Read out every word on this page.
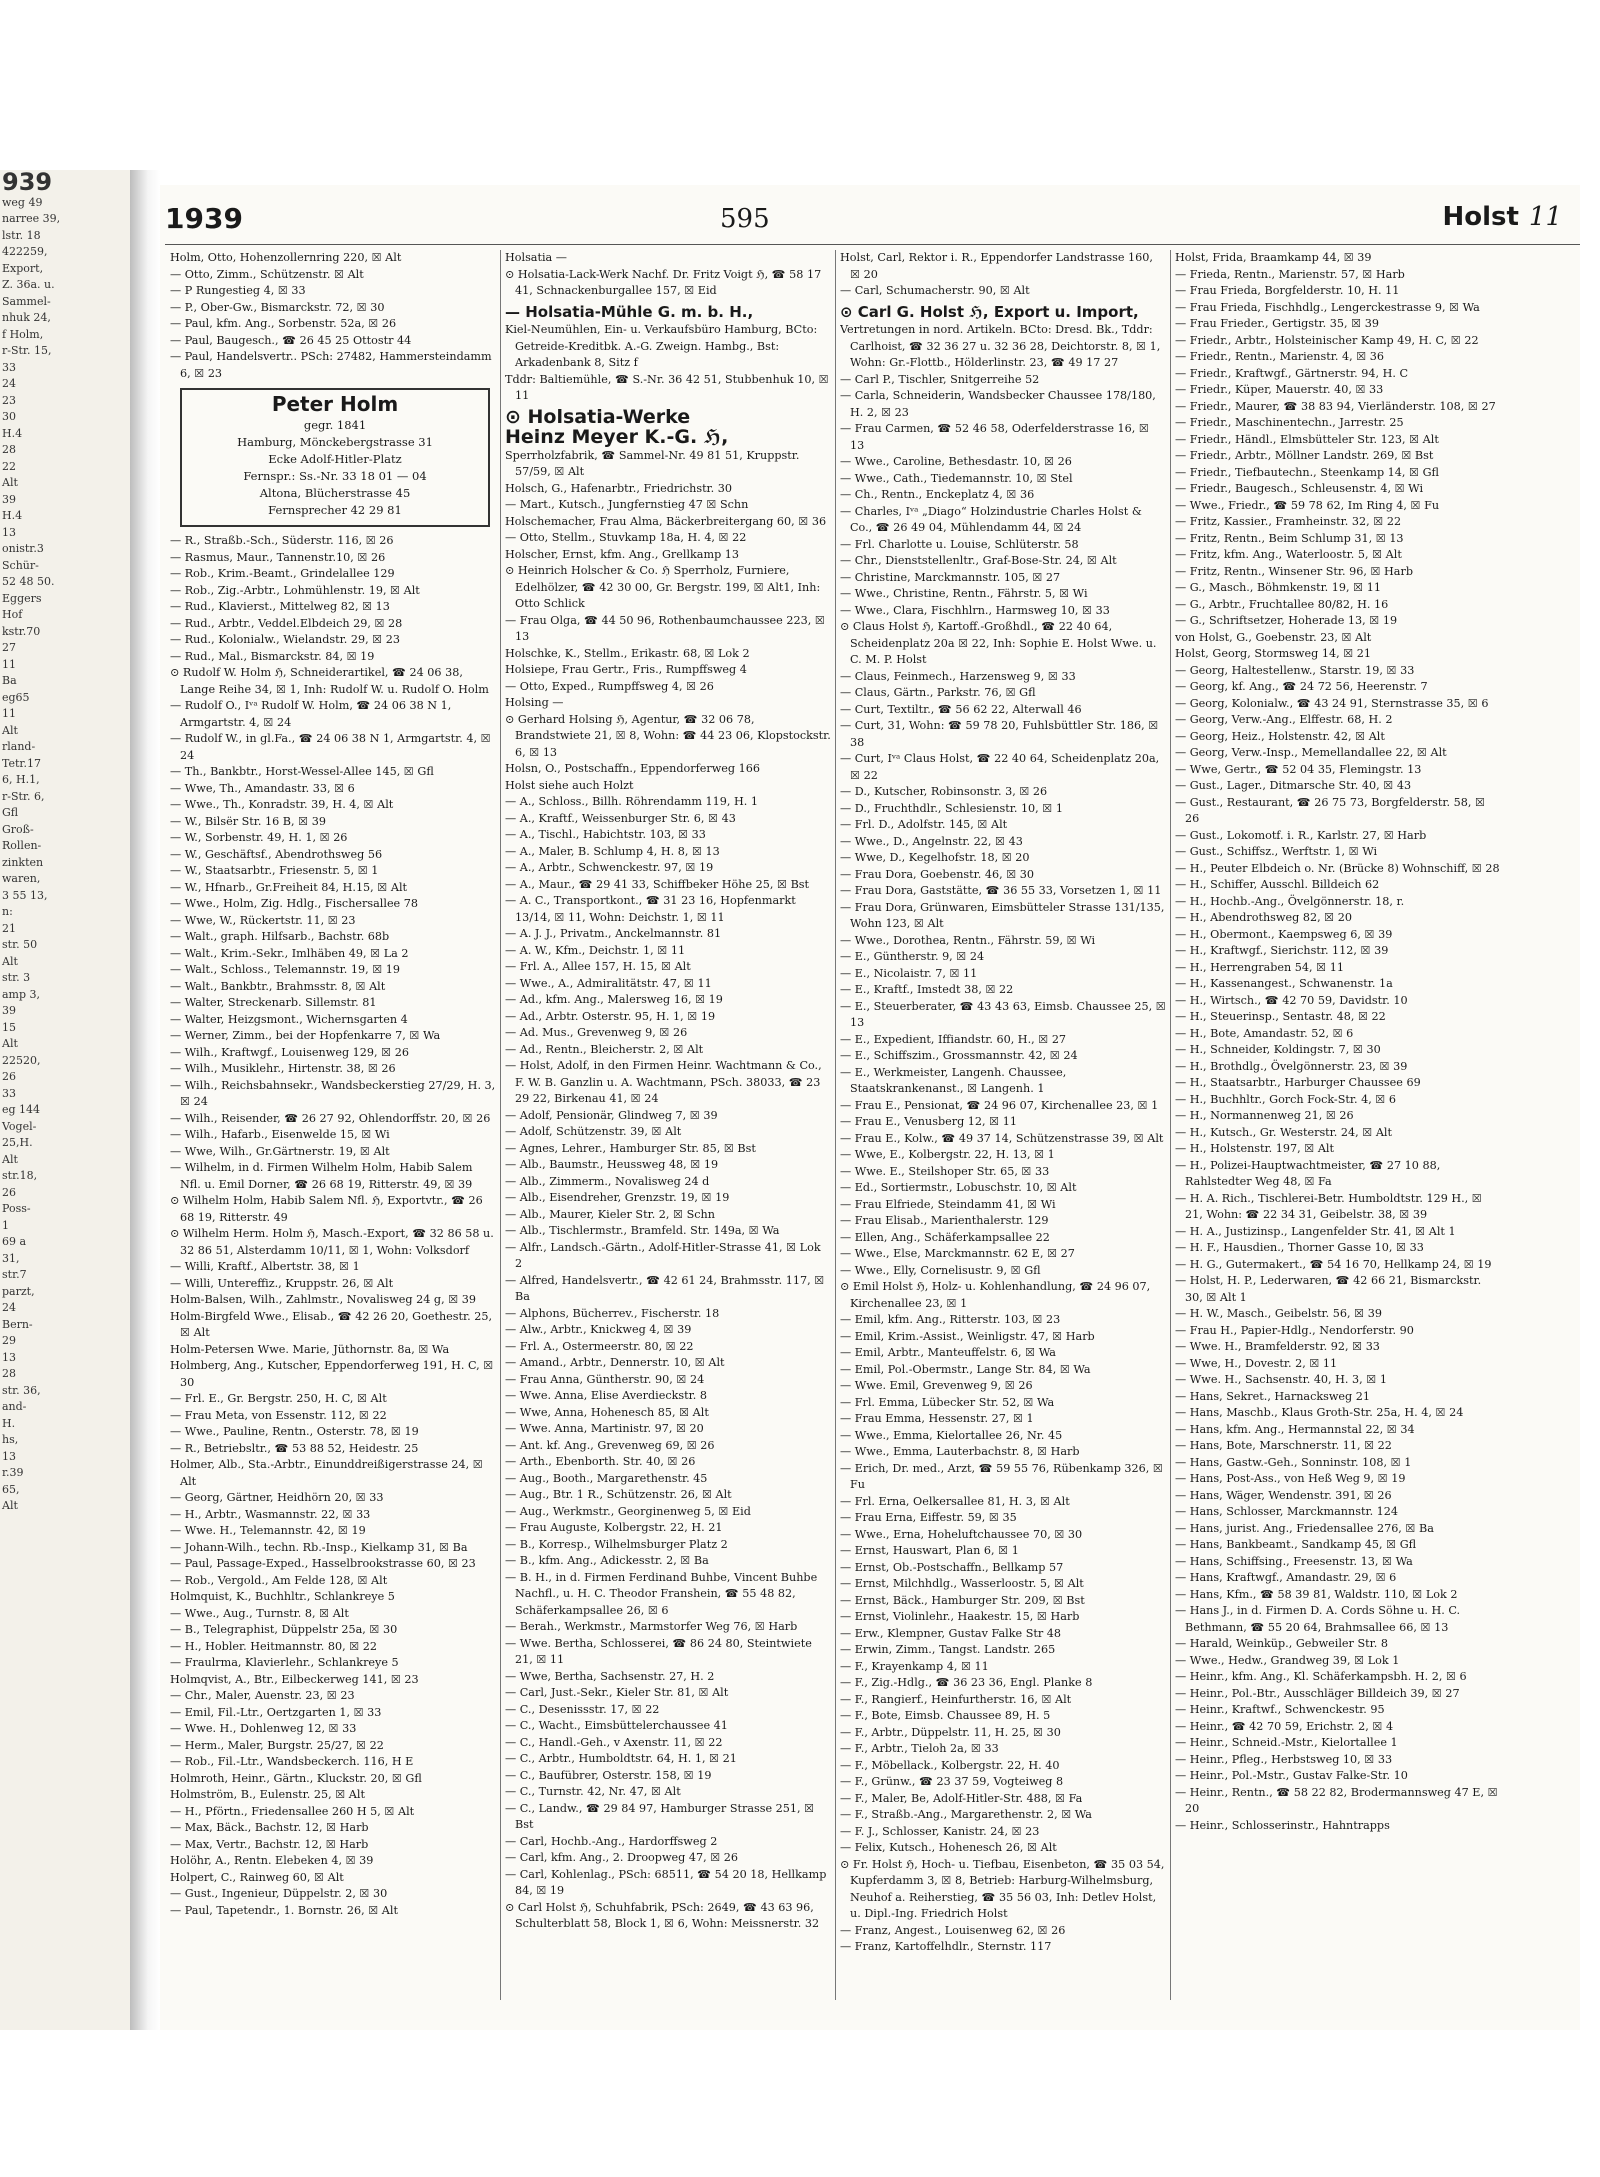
939
weg 49
narree 39,
lstr. 18
422259,
Export,
Z. 36a. u.
Sammel-
nhuk 24,
f Holm,
r-Str. 15,
33
24
23
30
H.4
28
22
Alt
39
H.4
13
onistr.3
Schür-
52 48 50.
Eggers
Hof
kstr.70
27
11
Ba
eg65
11
Alt
rland-
Tetr.17
6, H.1,
r-Str. 6,
Gfl
Groß-
Rollen-
zinkten
waren,
3 55 13,
n:
21
str. 50
Alt
str. 3
amp 3,
39
15
Alt
22520,
26
33
eg 144
Vogel-
25,H.
Alt
str.18,
26
Poss-
1
69 a
31,
str.7
parzt,
24
Bern-
29
13
28
str. 36,
and-
H.
hs,
13
r.39
65,
Alt
1939	595	Holst 11
Holm, Otto, Hohenzollernring 220, ☒ Alt
— Otto, Zimm., Schützenstr. ☒ Alt
— P Rungestieg 4, ☒ 33
— P., Ober-Gw., Bismarckstr. 72, ☒ 30
— Paul, kfm. Ang., Sorbenstr. 52a, ☒ 26
— Paul, Baugesch., ☎ 26 45 25 Ottostr 44
— Paul, Handelsvertr.. PSch: 27482, Hammersteindamm 6, ☒ 23
Peter Holm
gegr. 1841
Hamburg, Mönckebergstrasse 31
Ecke Adolf-Hitler-Platz
Fernspr.: Ss.-Nr. 33 18 01 — 04
Altona, Blücherstrasse 45
Fernsprecher 42 29 81
— R., Straßb.-Sch., Süderstr. 116, ☒ 26
— Rasmus, Maur., Tannenstr.10, ☒ 26
— Rob., Krim.-Beamt., Grindelallee 129
— Rob., Zig.-Arbtr., Lohmühlenstr. 19, ☒ Alt
— Rud., Klavierst., Mittelweg 82, ☒ 13
— Rud., Arbtr., Veddel.Elbdeich 29, ☒ 28
— Rud., Kolonialw., Wielandstr. 29, ☒ 23
— Rud., Mal., Bismarckstr. 84, ☒ 19
⊙ Rudolf W. Holm ℌ, Schneiderartikel, ☎ 24 06 38, Lange Reihe 34, ☒ 1, Inh: Rudolf W. u. Rudolf O. Holm
— Rudolf O., Iᵛᵃ Rudolf W. Holm, ☎ 24 06 38 N 1, Armgartstr. 4, ☒ 24
— Rudolf W., in gl.Fa., ☎ 24 06 38 N 1, Armgartstr. 4, ☒ 24
— Th., Bankbtr., Horst-Wessel-Allee 145, ☒ Gfl
— Wwe, Th., Amandastr. 33, ☒ 6
— Wwe., Th., Konradstr. 39, H. 4, ☒ Alt
— W., Bilsër Str. 16 B, ☒ 39
— W., Sorbenstr. 49, H. 1, ☒ 26
— W., Geschäftsf., Abendrothsweg 56
— W., Staatsarbtr., Friesenstr. 5, ☒ 1
— W., Hfnarb., Gr.Freiheit 84, H.15, ☒ Alt
— Wwe., Holm, Zig. Hdlg., Fischersallee 78
— Wwe, W., Rückertstr. 11, ☒ 23
— Walt., graph. Hilfsarb., Bachstr. 68b
— Walt., Krim.-Sekr., Imlhäben 49, ☒ La 2
— Walt., Schloss., Telemannstr. 19, ☒ 19
— Walt., Bankbtr., Brahmsstr. 8, ☒ Alt
— Walter, Streckenarb. Sillemstr. 81
— Walter, Heizgsmont., Wichernsgarten 4
— Werner, Zimm., bei der Hopfenkarre 7, ☒ Wa
— Wilh., Kraftwgf., Louisenweg 129, ☒ 26
— Wilh., Musiklehr., Hirtenstr. 38, ☒ 26
— Wilh., Reichsbahnsekr., Wandsbeckerstieg 27/29, H. 3, ☒ 24
— Wilh., Reisender, ☎ 26 27 92, Ohlendorffstr. 20, ☒ 26
— Wilh., Hafarb., Eisenwelde 15, ☒ Wi
— Wwe, Wilh., Gr.Gärtnerstr. 19, ☒ Alt
— Wilhelm, in d. Firmen Wilhelm Holm, Habib Salem Nfl. u. Emil Dorner, ☎ 26 68 19, Ritterstr. 49, ☒ 39
⊙ Wilhelm Holm, Habib Salem Nfl. ℌ, Exportvtr., ☎ 26 68 19, Ritterstr. 49
⊙ Wilhelm Herm. Holm ℌ, Masch.-Export, ☎ 32 86 58 u. 32 86 51, Alsterdamm 10/11, ☒ 1, Wohn: Volksdorf
— Willi, Kraftf., Albertstr. 38, ☒ 1
— Willi, Untereffiz., Kruppstr. 26, ☒ Alt
Holm-Balsen, Wilh., Zahlmstr., Novalisweg 24 g, ☒ 39
Holm-Birgfeld Wwe., Elisab., ☎ 42 26 20, Goethestr. 25, ☒ Alt
Holm-Petersen Wwe. Marie, Jüthornstr. 8a, ☒ Wa
Holmberg, Ang., Kutscher, Eppendorferweg 191, H. C, ☒ 30
— Frl. E., Gr. Bergstr. 250, H. C, ☒ Alt
— Frau Meta, von Essenstr. 112, ☒ 22
— Wwe., Pauline, Rentn., Osterstr. 78, ☒ 19
— R., Betriebsltr., ☎ 53 88 52, Heidestr. 25
Holmer, Alb., Sta.-Arbtr., Einunddreißigerstrasse 24, ☒ Alt
— Georg, Gärtner, Heidhörn 20, ☒ 33
— H., Arbtr., Wasmannstr. 22, ☒ 33
— Wwe. H., Telemannstr. 42, ☒ 19
— Johann-Wilh., techn. Rb.-Insp., Kielkamp 31, ☒ Ba
— Paul, Passage-Exped., Hasselbrookstrasse 60, ☒ 23
— Rob., Vergold., Am Felde 128, ☒ Alt
Holmquist, K., Buchhltr., Schlankreye 5
— Wwe., Aug., Turnstr. 8, ☒ Alt
— B., Telegraphist, Düppelstr 25a, ☒ 30
— H., Hobler. Heitmannstr. 80, ☒ 22
— Fraulrma, Klavierlehr., Schlankreye 5
Holmqvist, A., Btr., Eilbeckerweg 141, ☒ 23
— Chr., Maler, Auenstr. 23, ☒ 23
— Emil, Fil.-Ltr., Oertzgarten 1, ☒ 33
— Wwe. H., Dohlenweg 12, ☒ 33
— Herm., Maler, Burgstr. 25/27, ☒ 22
— Rob., Fil.-Ltr., Wandsbeckerch. 116, H E
Holmroth, Heinr., Gärtn., Kluckstr. 20, ☒ Gfl
Holmström, B., Eulenstr. 25, ☒ Alt
— H., Pförtn., Friedensallee 260 H 5, ☒ Alt
— Max, Bäck., Bachstr. 12, ☒ Harb
— Max, Vertr., Bachstr. 12, ☒ Harb
Holöhr, A., Rentn. Elebeken 4, ☒ 39
Holpert, C., Rainweg 60, ☒ Alt
— Gust., Ingenieur, Düppelstr. 2, ☒ 30
— Paul, Tapetendr., 1. Bornstr. 26, ☒ Alt
Holsatia —
⊙ Holsatia-Lack-Werk Nachf. Dr. Fritz Voigt ℌ, ☎ 58 17 41, Schnackenburgallee 157, ☒ Eid
— Holsatia-Mühle G. m. b. H.,
Kiel-Neumühlen, Ein- u. Verkaufsbüro Hamburg, BCto: Getreide-Kreditbk. A.-G. Zweign. Hambg., Bst: Arkadenbank 8, Sitz f
Tddr: Baltiemühle, ☎ S.-Nr. 36 42 51, Stubbenhuk 10, ☒ 11
⊙ Holsatia-Werke
Heinz Meyer K.-G. ℌ,
Sperrholzfabrik, ☎ Sammel-Nr. 49 81 51, Kruppstr. 57/59, ☒ Alt
Holsch, G., Hafenarbtr., Friedrichstr. 30
— Mart., Kutsch., Jungfernstieg 47 ☒ Schn
Holschemacher, Frau Alma, Bäckerbreitergang 60, ☒ 36
— Otto, Stellm., Stuvkamp 18a, H. 4, ☒ 22
Holscher, Ernst, kfm. Ang., Grellkamp 13
⊙ Heinrich Holscher & Co. ℌ Sperrholz, Furniere, Edelhölzer, ☎ 42 30 00, Gr. Bergstr. 199, ☒ Alt1, Inh: Otto Schlick
— Frau Olga, ☎ 44 50 96, Rothenbaumchaussee 223, ☒ 13
Holschke, K., Stellm., Erikastr. 68, ☒ Lok 2
Holsiepe, Frau Gertr., Fris., Rumpffsweg 4
— Otto, Exped., Rumpffsweg 4, ☒ 26
Holsing —
⊙ Gerhard Holsing ℌ, Agentur, ☎ 32 06 78, Brandstwiete 21, ☒ 8, Wohn: ☎ 44 23 06, Klopstockstr. 6, ☒ 13
Holsn, O., Postschaffn., Eppendorferweg 166
Holst siehe auch Holzt
— A., Schloss., Billh. Röhrendamm 119, H. 1
— A., Kraftf., Weissenburger Str. 6, ☒ 43
— A., Tischl., Habichtstr. 103, ☒ 33
— A., Maler, B. Schlump 4, H. 8, ☒ 13
— A., Arbtr., Schwenckestr. 97, ☒ 19
— A., Maur., ☎ 29 41 33, Schiffbeker Höhe 25, ☒ Bst
— A. C., Transportkont., ☎ 31 23 16, Hopfenmarkt 13/14, ☒ 11, Wohn: Deichstr. 1, ☒ 11
— A. J. J., Privatm., Anckelmannstr. 81
— A. W., Kfm., Deichstr. 1, ☒ 11
— Frl. A., Allee 157, H. 15, ☒ Alt
— Wwe., A., Admiralitätstr. 47, ☒ 11
— Ad., kfm. Ang., Malersweg 16, ☒ 19
— Ad., Arbtr. Osterstr. 95, H. 1, ☒ 19
— Ad. Mus., Grevenweg 9, ☒ 26
— Ad., Rentn., Bleicherstr. 2, ☒ Alt
— Holst, Adolf, in den Firmen Heinr. Wachtmann & Co., F. W. B. Ganzlin u. A. Wachtmann, PSch. 38033, ☎ 23 29 22, Birkenau 41, ☒ 24
— Adolf, Pensionär, Glindweg 7, ☒ 39
— Adolf, Schützenstr. 39, ☒ Alt
— Agnes, Lehrer., Hamburger Str. 85, ☒ Bst
— Alb., Baumstr., Heussweg 48, ☒ 19
— Alb., Zimmerm., Novalisweg 24 d
— Alb., Eisendreher, Grenzstr. 19, ☒ 19
— Alb., Maurer, Kieler Str. 2, ☒ Schn
— Alb., Tischlermstr., Bramfeld. Str. 149a, ☒ Wa
— Alfr., Landsch.-Gärtn., Adolf-Hitler-Strasse 41, ☒ Lok 2
— Alfred, Handelsvertr., ☎ 42 61 24, Brahmsstr. 117, ☒ Ba
— Alphons, Bücherrev., Fischerstr. 18
— Alw., Arbtr., Knickweg 4, ☒ 39
— Frl. A., Ostermeerstr. 80, ☒ 22
— Amand., Arbtr., Dennerstr. 10, ☒ Alt
— Frau Anna, Güntherstr. 90, ☒ 24
— Wwe. Anna, Elise Averdieckstr. 8
— Wwe, Anna, Hohenesch 85, ☒ Alt
— Wwe. Anna, Martinistr. 97, ☒ 20
— Ant. kf. Ang., Grevenweg 69, ☒ 26
— Arth., Ebenborth. Str. 40, ☒ 26
— Aug., Booth., Margarethenstr. 45
— Aug., Btr. 1 R., Schützenstr. 26, ☒ Alt
— Aug., Werkmstr., Georginenweg 5, ☒ Eid
— Frau Auguste, Kolbergstr. 22, H. 21
— B., Korresp., Wilhelmsburger Platz 2
— B., kfm. Ang., Adickesstr. 2, ☒ Ba
— B. H., in d. Firmen Ferdinand Buhbe, Vincent Buhbe Nachfl., u. H. C. Theodor Franshein, ☎ 55 48 82, Schäferkampsallee 26, ☒ 6
— Berah., Werkmstr., Marmstorfer Weg 76, ☒ Harb
— Wwe. Bertha, Schlosserei, ☎ 86 24 80, Steintwiete 21, ☒ 11
— Wwe, Bertha, Sachsenstr. 27, H. 2
— Carl, Just.-Sekr., Kieler Str. 81, ☒ Alt
— C., Desenissstr. 17, ☒ 22
— C., Wacht., Eimsbüttelerchaussee 41
— C., Handl.-Geh., v Axenstr. 11, ☒ 22
— C., Arbtr., Humboldtstr. 64, H. 1, ☒ 21
— C., Baufübrer, Osterstr. 158, ☒ 19
— C., Turnstr. 42, Nr. 47, ☒ Alt
— C., Landw., ☎ 29 84 97, Hamburger Strasse 251, ☒ Bst
— Carl, Hochb.-Ang., Hardorffsweg 2
— Carl, kfm. Ang., 2. Droopweg 47, ☒ 26
— Carl, Kohlenlag., PSch: 68511, ☎ 54 20 18, Hellkamp 84, ☒ 19
⊙ Carl Holst ℌ, Schuhfabrik, PSch: 2649, ☎ 43 63 96, Schulterblatt 58, Block 1, ☒ 6, Wohn: Meissnerstr. 32
Holst, Carl, Rektor i. R., Eppendorfer Landstrasse 160, ☒ 20
— Carl, Schumacherstr. 90, ☒ Alt
⊙ Carl G. Holst ℌ, Export u. Import,
Vertretungen in nord. Artikeln. BCto: Dresd. Bk., Tddr: Carlhoist, ☎ 32 36 27 u. 32 36 28, Deichtorstr. 8, ☒ 1, Wohn: Gr.-Flottb., Hölderlinstr. 23, ☎ 49 17 27
— Carl P., Tischler, Snitgerreihe 52
— Carla, Schneiderin, Wandsbecker Chaussee 178/180, H. 2, ☒ 23
— Frau Carmen, ☎ 52 46 58, Oderfelderstrasse 16, ☒ 13
— Wwe., Caroline, Bethesdastr. 10, ☒ 26
— Wwe., Cath., Tiedemannstr. 10, ☒ Stel
— Ch., Rentn., Enckeplatz 4, ☒ 36
— Charles, Iᵛᵃ „Diago“ Holzindustrie Charles Holst & Co., ☎ 26 49 04, Mühlendamm 44, ☒ 24
— Frl. Charlotte u. Louise, Schlüterstr. 58
— Chr., Dienststellenltr., Graf-Bose-Str. 24, ☒ Alt
— Christine, Marckmannstr. 105, ☒ 27
— Wwe., Christine, Rentn., Fährstr. 5, ☒ Wi
— Wwe., Clara, Fischhlrn., Harmsweg 10, ☒ 33
⊙ Claus Holst ℌ, Kartoff.-Großhdl., ☎ 22 40 64, Scheidenplatz 20a ☒ 22, Inh: Sophie E. Holst Wwe. u. C. M. P. Holst
— Claus, Feinmech., Harzensweg 9, ☒ 33
— Claus, Gärtn., Parkstr. 76, ☒ Gfl
— Curt, Textiltr., ☎ 56 62 22, Alterwall 46
— Curt, 31, Wohn: ☎ 59 78 20, Fuhlsbüttler Str. 186, ☒ 38
— Curt, Iᵛᵃ Claus Holst, ☎ 22 40 64, Scheidenplatz 20a, ☒ 22
— D., Kutscher, Robinsonstr. 3, ☒ 26
— D., Fruchthdlr., Schlesienstr. 10, ☒ 1
— Frl. D., Adolfstr. 145, ☒ Alt
— Wwe., D., Angelnstr. 22, ☒ 43
— Wwe, D., Kegelhofstr. 18, ☒ 20
— Frau Dora, Goebenstr. 46, ☒ 30
— Frau Dora, Gaststätte, ☎ 36 55 33, Vorsetzen 1, ☒ 11
— Frau Dora, Grünwaren, Eimsbütteler Strasse 131/135, Wohn 123, ☒ Alt
— Wwe., Dorothea, Rentn., Fährstr. 59, ☒ Wi
— E., Güntherstr. 9, ☒ 24
— E., Nicolaistr. 7, ☒ 11
— E., Kraftf., Imstedt 38, ☒ 22
— E., Steuerberater, ☎ 43 43 63, Eimsb. Chaussee 25, ☒ 13
— E., Expedient, Iffiandstr. 60, H., ☒ 27
— E., Schiffszim., Grossmannstr. 42, ☒ 24
— E., Werkmeister, Langenh. Chaussee, Staatskrankenanst., ☒ Langenh. 1
— Frau E., Pensionat, ☎ 24 96 07, Kirchenallee 23, ☒ 1
— Frau E., Venusberg 12, ☒ 11
— Frau E., Kolw., ☎ 49 37 14, Schützenstrasse 39, ☒ Alt
— Wwe, E., Kolbergstr. 22, H. 13, ☒ 1
— Wwe. E., Steilshoper Str. 65, ☒ 33
— Ed., Sortiermstr., Lobuschstr. 10, ☒ Alt
— Frau Elfriede, Steindamm 41, ☒ Wi
— Frau Elisab., Marienthalerstr. 129
— Ellen, Ang., Schäferkampsallee 22
— Wwe., Else, Marckmannstr. 62 E, ☒ 27
— Wwe., Elly, Cornelisustr. 9, ☒ Gfl
⊙ Emil Holst ℌ, Holz- u. Kohlenhandlung, ☎ 24 96 07, Kirchenallee 23, ☒ 1
— Emil, kfm. Ang., Ritterstr. 103, ☒ 23
— Emil, Krim.-Assist., Weinligstr. 47, ☒ Harb
— Emil, Arbtr., Manteuffelstr. 6, ☒ Wa
— Emil, Pol.-Obermstr., Lange Str. 84, ☒ Wa
— Wwe. Emil, Grevenweg 9, ☒ 26
— Frl. Emma, Lübecker Str. 52, ☒ Wa
— Frau Emma, Hessenstr. 27, ☒ 1
— Wwe., Emma, Kielortallee 26, Nr. 45
— Wwe., Emma, Lauterbachstr. 8, ☒ Harb
— Erich, Dr. med., Arzt, ☎ 59 55 76, Rübenkamp 326, ☒ Fu
— Frl. Erna, Oelkersallee 81, H. 3, ☒ Alt
— Frau Erna, Eiffestr. 59, ☒ 35
— Wwe., Erna, Hoheluftchaussee 70, ☒ 30
— Ernst, Hauswart, Plan 6, ☒ 1
— Ernst, Ob.-Postschaffn., Bellkamp 57
— Ernst, Milchhdlg., Wasserloostr. 5, ☒ Alt
— Ernst, Bäck., Hamburger Str. 209, ☒ Bst
— Ernst, Violinlehr., Haakestr. 15, ☒ Harb
— Erw., Klempner, Gustav Falke Str 48
— Erwin, Zimm., Tangst. Landstr. 265
— F., Krayenkamp 4, ☒ 11
— F., Zig.-Hdlg., ☎ 36 23 36, Engl. Planke 8
— F., Rangierf., Heinfurtherstr. 16, ☒ Alt
— F., Bote, Eimsb. Chaussee 89, H. 5
— F., Arbtr., Düppelstr. 11, H. 25, ☒ 30
— F., Arbtr., Tieloh 2a, ☒ 33
— F., Möbellack., Kolbergstr. 22, H. 40
— F., Grünw., ☎ 23 37 59, Vogteiweg 8
— F., Maler, Be, Adolf-Hitler-Str. 488, ☒ Fa
— F., Straßb.-Ang., Margarethenstr. 2, ☒ Wa
— F. J., Schlosser, Kanistr. 24, ☒ 23
— Felix, Kutsch., Hohenesch 26, ☒ Alt
⊙ Fr. Holst ℌ, Hoch- u. Tiefbau, Eisenbeton, ☎ 35 03 54, Kupferdamm 3, ☒ 8, Betrieb: Harburg-Wilhelmsburg, Neuhof a. Reiherstieg, ☎ 35 56 03, Inh: Detlev Holst, u. Dipl.-Ing. Friedrich Holst
— Franz, Angest., Louisenweg 62, ☒ 26
— Franz, Kartoffelhdlr., Sternstr. 117
Holst, Frida, Braamkamp 44, ☒ 39
— Frieda, Rentn., Marienstr. 57, ☒ Harb
— Frau Frieda, Borgfelderstr. 10, H. 11
— Frau Frieda, Fischhdlg., Lengerckestrasse 9, ☒ Wa
— Frau Frieder., Gertigstr. 35, ☒ 39
— Friedr., Arbtr., Holsteinischer Kamp 49, H. C, ☒ 22
— Friedr., Rentn., Marienstr. 4, ☒ 36
— Friedr., Kraftwgf., Gärtnerstr. 94, H. C
— Friedr., Küper, Mauerstr. 40, ☒ 33
— Friedr., Maurer, ☎ 38 83 94, Vierländerstr. 108, ☒ 27
— Friedr., Maschinentechn., Jarrestr. 25
— Friedr., Händl., Elmsbütteler Str. 123, ☒ Alt
— Friedr., Arbtr., Möllner Landstr. 269, ☒ Bst
— Friedr., Tiefbautechn., Steenkamp 14, ☒ Gfl
— Friedr., Baugesch., Schleusenstr. 4, ☒ Wi
— Wwe., Friedr., ☎ 59 78 62, Im Ring 4, ☒ Fu
— Fritz, Kassier., Framheinstr. 32, ☒ 22
— Fritz, Rentn., Beim Schlump 31, ☒ 13
— Fritz, kfm. Ang., Waterloostr. 5, ☒ Alt
— Fritz, Rentn., Winsener Str. 96, ☒ Harb
— G., Masch., Böhmkenstr. 19, ☒ 11
— G., Arbtr., Fruchtallee 80/82, H. 16
— G., Schriftsetzer, Hoherade 13, ☒ 19
von Holst, G., Goebenstr. 23, ☒ Alt
Holst, Georg, Stormsweg 14, ☒ 21
— Georg, Haltestellenw., Starstr. 19, ☒ 33
— Georg, kf. Ang., ☎ 24 72 56, Heerenstr. 7
— Georg, Kolonialw., ☎ 43 24 91, Sternstrasse 35, ☒ 6
— Georg, Verw.-Ang., Elffestr. 68, H. 2
— Georg, Heiz., Holstenstr. 42, ☒ Alt
— Georg, Verw.-Insp., Memellandallee 22, ☒ Alt
— Wwe, Gertr., ☎ 52 04 35, Flemingstr. 13
— Gust., Lager., Ditmarsche Str. 40, ☒ 43
— Gust., Restaurant, ☎ 26 75 73, Borgfelderstr. 58, ☒ 26
— Gust., Lokomotf. i. R., Karlstr. 27, ☒ Harb
— Gust., Schiffsz., Werftstr. 1, ☒ Wi
— H., Peuter Elbdeich o. Nr. (Brücke 8) Wohnschiff, ☒ 28
— H., Schiffer, Ausschl. Billdeich 62
— H., Hochb.-Ang., Övelgönnerstr. 18, r.
— H., Abendrothsweg 82, ☒ 20
— H., Obermont., Kaempsweg 6, ☒ 39
— H., Kraftwgf., Sierichstr. 112, ☒ 39
— H., Herrengraben 54, ☒ 11
— H., Kassenangest., Schwanenstr. 1a
— H., Wirtsch., ☎ 42 70 59, Davidstr. 10
— H., Steuerinsp., Sentastr. 48, ☒ 22
— H., Bote, Amandastr. 52, ☒ 6
— H., Schneider, Koldingstr. 7, ☒ 30
— H., Brothdlg., Övelgönnerstr. 23, ☒ 39
— H., Staatsarbtr., Harburger Chaussee 69
— H., Buchhltr., Gorch Fock-Str. 4, ☒ 6
— H., Normannenweg 21, ☒ 26
— H., Kutsch., Gr. Westerstr. 24, ☒ Alt
— H., Holstenstr. 197, ☒ Alt
— H., Polizei-Hauptwachtmeister, ☎ 27 10 88, Rahlstedter Weg 48, ☒ Fa
— H. A. Rich., Tischlerei-Betr. Humboldtstr. 129 H., ☒ 21, Wohn: ☎ 22 34 31, Geibelstr. 38, ☒ 39
— H. A., Justizinsp., Langenfelder Str. 41, ☒ Alt 1
— H. F., Hausdien., Thorner Gasse 10, ☒ 33
— H. G., Gutermakert., ☎ 54 16 70, Hellkamp 24, ☒ 19
— Holst, H. P., Lederwaren, ☎ 42 66 21, Bismarckstr. 30, ☒ Alt 1
— H. W., Masch., Geibelstr. 56, ☒ 39
— Frau H., Papier-Hdlg., Nendorferstr. 90
— Wwe. H., Bramfelderstr. 92, ☒ 33
— Wwe, H., Dovestr. 2, ☒ 11
— Wwe. H., Sachsenstr. 40, H. 3, ☒ 1
— Hans, Sekret., Harnacksweg 21
— Hans, Maschb., Klaus Groth-Str. 25a, H. 4, ☒ 24
— Hans, kfm. Ang., Hermannstal 22, ☒ 34
— Hans, Bote, Marschnerstr. 11, ☒ 22
— Hans, Gastw.-Geh., Sonninstr. 108, ☒ 1
— Hans, Post-Ass., von Heß Weg 9, ☒ 19
— Hans, Wäger, Wendenstr. 391, ☒ 26
— Hans, Schlosser, Marckmannstr. 124
— Hans, jurist. Ang., Friedensallee 276, ☒ Ba
— Hans, Bankbeamt., Sandkamp 45, ☒ Gfl
— Hans, Schiffsing., Freesenstr. 13, ☒ Wa
— Hans, Kraftwgf., Amandastr. 29, ☒ 6
— Hans, Kfm., ☎ 58 39 81, Waldstr. 110, ☒ Lok 2
— Hans J., in d. Firmen D. A. Cords Söhne u. H. C. Bethmann, ☎ 55 20 64, Brahmsallee 66, ☒ 13
— Harald, Weinküp., Gebweiler Str. 8
— Wwe., Hedw., Grandweg 39, ☒ Lok 1
— Heinr., kfm. Ang., Kl. Schäferkampsbh. H. 2, ☒ 6
— Heinr., Pol.-Btr., Ausschläger Billdeich 39, ☒ 27
— Heinr., Kraftwf., Schwenckestr. 95
— Heinr., ☎ 42 70 59, Erichstr. 2, ☒ 4
— Heinr., Schneid.-Mstr., Kielortallee 1
— Heinr., Pfleg., Herbstsweg 10, ☒ 33
— Heinr., Pol.-Mstr., Gustav Falke-Str. 10
— Heinr., Rentn., ☎ 58 22 82, Brodermannsweg 47 E, ☒ 20
— Heinr., Schlosserinstr., Hahntrapps
